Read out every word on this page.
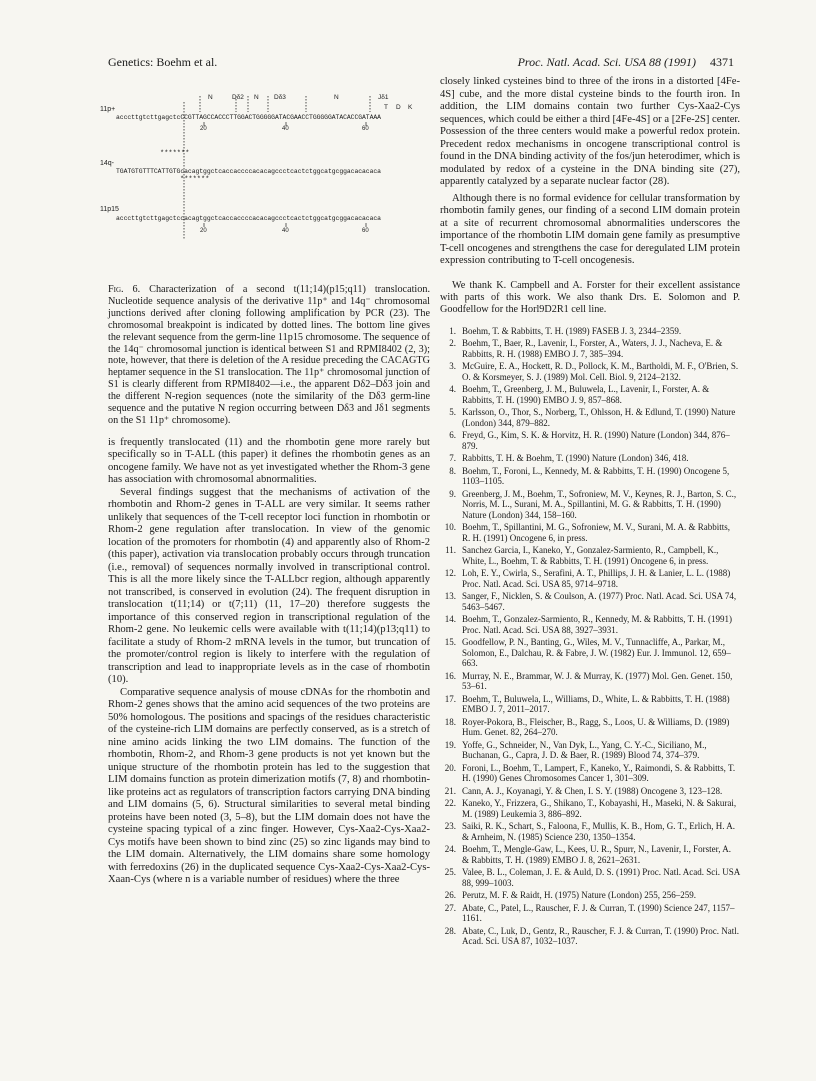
Genetics: Boehm et al.	Proc. Natl. Acad. Sci. USA 88 (1991) 4371
N	Dδ2 N Dδ3	N	Jδ1
T D K
11p+
acccttgtcttgagctcCCGTTAGCCACCCTTGGACTGGGGGATACGAACCTGGGGGATACACCGATAAA
20	40	60
*******
14q-
TGATGTGTTTCATTGTGcacagtggctcaccaccccacacagccctcactctggcatgcggacacacaca
*******
11p15
acccttgtcttgagctccacagtggctcaccaccccacacagccctcactctggcatgcggacacacaca
20	40	60

Fig. 6. Characterization of a second t(11;14)(p15;q11) translocation. Nucleotide sequence analysis of the derivative 11p⁺ and 14q⁻ chromosomal junctions derived after cloning following amplification by PCR (23). The chromosomal breakpoint is indicated by dotted lines. The bottom line gives the relevant sequence from the germ-line 11p15 chromosome. The sequence of the 14q⁻ chromosomal junction is identical between S1 and RPMI8402 (2, 3); note, however, that there is deletion of the A residue preceding the CACAGTG heptamer sequence in the S1 translocation. The 11p⁺ chromosomal junction of S1 is clearly different from RPMI8402—i.e., the apparent Dδ2–Dδ3 join and the different N-region sequences (note the similarity of the Dδ3 germ-line sequence and the putative N region occurring between Dδ3 and Jδ1 segments on the S1 11p⁺ chromosome).

is frequently translocated (11) and the rhombotin gene more rarely but specifically so in T-ALL (this paper) it defines the rhombotin genes as an oncogene family. We have not as yet investigated whether the Rhom-3 gene has association with chromosomal abnormalities.

Several findings suggest that the mechanisms of activation of the rhombotin and Rhom-2 genes in T-ALL are very similar. It seems rather unlikely that sequences of the T-cell receptor loci function in rhombotin or Rhom-2 gene regulation after translocation. In view of the genomic location of the promoters for rhombotin (4) and apparently also of Rhom-2 (this paper), activation via translocation probably occurs through truncation (i.e., removal) of sequences normally involved in transcriptional control. This is all the more likely since the T-ALLbcr region, although apparently not transcribed, is conserved in evolution (24). The frequent disruption in translocation t(11;14) or t(7;11) (11, 17–20) therefore suggests the importance of this conserved region in transcriptional regulation of the Rhom-2 gene. No leukemic cells were available with t(11;14)(p13;q11) to facilitate a study of Rhom-2 mRNA levels in the tumor, but truncation of the promoter/control region is likely to interfere with the regulation of transcription and lead to inappropriate levels as in the case of rhombotin (10).

Comparative sequence analysis of mouse cDNAs for the rhombotin and Rhom-2 genes shows that the amino acid sequences of the two proteins are 50% homologous. The positions and spacings of the residues characteristic of the cysteine-rich LIM domains are perfectly conserved, as is a stretch of nine amino acids linking the two LIM domains. The function of the rhombotin, Rhom-2, and Rhom-3 gene products is not yet known but the unique structure of the rhombotin protein has led to the suggestion that LIM domains function as protein dimerization motifs (7, 8) and rhombotin-like proteins act as regulators of transcription factors carrying DNA binding and LIM domains (5, 6). Structural similarities to several metal binding proteins have been noted (3, 5–8), but the LIM domain does not have the cysteine spacing typical of a zinc finger. However, Cys-Xaa2-Cys-Xaa2-Cys motifs have been shown to bind zinc (25) so zinc ligands may bind to the LIM domain. Alternatively, the LIM domains share some homology with ferredoxins (26) in the duplicated sequence Cys-Xaa2-Cys-Xaa2-Cys-Xaan-Cys (where n is a variable number of residues) where the three

closely linked cysteines bind to three of the irons in a distorted [4Fe-4S] cube, and the more distal cysteine binds to the fourth iron. In addition, the LIM domains contain two further Cys-Xaa2-Cys sequences, which could be either a third [4Fe-4S] or a [2Fe-2S] center. Possession of the three centers would make a powerful redox protein. Precedent redox mechanisms in oncogene transcriptional control is found in the DNA binding activity of the fos/jun heterodimer, which is modulated by redox of a cysteine in the DNA binding site (27), apparently catalyzed by a separate nuclear factor (28).

Although there is no formal evidence for cellular transformation by rhombotin family genes, our finding of a second LIM domain protein at a site of recurrent chromosomal abnormalities underscores the importance of the rhombotin LIM domain gene family as presumptive T-cell oncogenes and strengthens the case for deregulated LIM protein expression contributing to T-cell oncogenesis.

We thank K. Campbell and A. Forster for their excellent assistance with parts of this work. We also thank Drs. E. Solomon and P. Goodfellow for the Horl9D2R1 cell line.

1. Boehm, T. & Rabbitts, T. H. (1989) FASEB J. 3, 2344–2359.
2. Boehm, T., Baer, R., Lavenir, I., Forster, A., Waters, J. J., Nacheva, E. & Rabbitts, R. H. (1988) EMBO J. 7, 385–394.
3. McGuire, E. A., Hockett, R. D., Pollock, K. M., Bartholdi, M. F., O'Brien, S. O. & Korsmeyer, S. J. (1989) Mol. Cell. Biol. 9, 2124–2132.
4. Boehm, T., Greenberg, J. M., Buluwela, L., Lavenir, I., Forster, A. & Rabbitts, T. H. (1990) EMBO J. 9, 857–868.
5. Karlsson, O., Thor, S., Norberg, T., Ohlsson, H. & Edlund, T. (1990) Nature (London) 344, 879–882.
6. Freyd, G., Kim, S. K. & Horvitz, H. R. (1990) Nature (London) 344, 876–879.
7. Rabbitts, T. H. & Boehm, T. (1990) Nature (London) 346, 418.
8. Boehm, T., Foroni, L., Kennedy, M. & Rabbitts, T. H. (1990) Oncogene 5, 1103–1105.
9. Greenberg, J. M., Boehm, T., Sofroniew, M. V., Keynes, R. J., Barton, S. C., Norris, M. L., Surani, M. A., Spillantini, M. G. & Rabbitts, T. H. (1990) Nature (London) 344, 158–160.
10. Boehm, T., Spillantini, M. G., Sofroniew, M. V., Surani, M. A. & Rabbitts, R. H. (1991) Oncogene 6, in press.
11. Sanchez Garcia, I., Kaneko, Y., Gonzalez-Sarmiento, R., Campbell, K., White, L., Boehm, T. & Rabbitts, T. H. (1991) Oncogene 6, in press.
12. Loh, E. Y., Cwirla, S., Serafini, A. T., Phillips, J. H. & Lanier, L. L. (1988) Proc. Natl. Acad. Sci. USA 85, 9714–9718.
13. Sanger, F., Nicklen, S. & Coulson, A. (1977) Proc. Natl. Acad. Sci. USA 74, 5463–5467.
14. Boehm, T., Gonzalez-Sarmiento, R., Kennedy, M. & Rabbitts, T. H. (1991) Proc. Natl. Acad. Sci. USA 88, 3927–3931.
15. Goodfellow, P. N., Banting, G., Wiles, M. V., Tunnacliffe, A., Parkar, M., Solomon, E., Dalchau, R. & Fabre, J. W. (1982) Eur. J. Immunol. 12, 659–663.
16. Murray, N. E., Brammar, W. J. & Murray, K. (1977) Mol. Gen. Genet. 150, 53–61.
17. Boehm, T., Buluwela, L., Williams, D., White, L. & Rabbitts, T. H. (1988) EMBO J. 7, 2011–2017.
18. Royer-Pokora, B., Fleischer, B., Ragg, S., Loos, U. & Williams, D. (1989) Hum. Genet. 82, 264–270.
19. Yoffe, G., Schneider, N., Van Dyk, L., Yang, C. Y.-C., Siciliano, M., Buchanan, G., Capra, J. D. & Baer, R. (1989) Blood 74, 374–379.
20. Foroni, L., Boehm, T., Lampert, F., Kaneko, Y., Raimondi, S. & Rabbitts, T. H. (1990) Genes Chromosomes Cancer 1, 301–309.
21. Cann, A. J., Koyanagi, Y. & Chen, I. S. Y. (1988) Oncogene 3, 123–128.
22. Kaneko, Y., Frizzera, G., Shikano, T., Kobayashi, H., Maseki, N. & Sakurai, M. (1989) Leukemia 3, 886–892.
23. Saiki, R. K., Schart, S., Faloona, F., Mullis, K. B., Hom, G. T., Erlich, H. A. & Arnheim, N. (1985) Science 230, 1350–1354.
24. Boehm, T., Mengle-Gaw, L., Kees, U. R., Spurr, N., Lavenir, I., Forster, A. & Rabbitts, T. H. (1989) EMBO J. 8, 2621–2631.
25. Valee, B. L., Coleman, J. E. & Auld, D. S. (1991) Proc. Natl. Acad. Sci. USA 88, 999–1003.
26. Perutz, M. F. & Raidt, H. (1975) Nature (London) 255, 256–259.
27. Abate, C., Patel, L., Rauscher, F. J. & Curran, T. (1990) Science 247, 1157–1161.
28. Abate, C., Luk, D., Gentz, R., Rauscher, F. J. & Curran, T. (1990) Proc. Natl. Acad. Sci. USA 87, 1032–1037.
